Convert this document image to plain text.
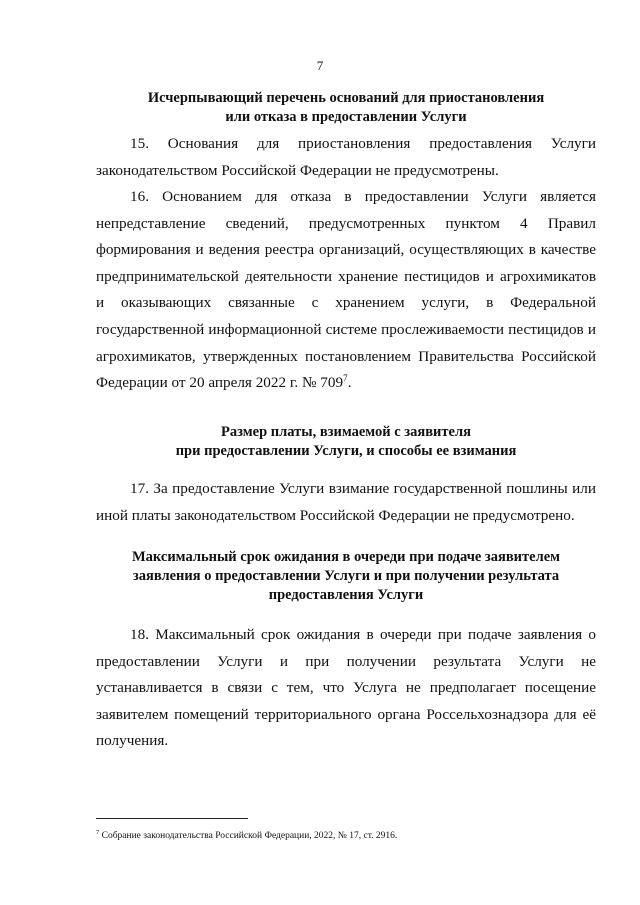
7
Исчерпывающий перечень оснований для приостановления
или отказа в предоставлении Услуги

15. Основания для приостановления предоставления Услуги законодательством Российской Федерации не предусмотрены.

16. Основанием для отказа в предоставлении Услуги является непредставление сведений, предусмотренных пунктом 4 Правил формирования и ведения реестра организаций, осуществляющих в качестве предпринимательской деятельности хранение пестицидов и агрохимикатов и оказывающих связанные с хранением услуги, в Федеральной государственной информационной системе прослеживаемости пестицидов и агрохимикатов, утвержденных постановлением Правительства Российской Федерации от 20 апреля 2022 г. № $709^7$.

Размер платы, взимаемой с заявителя
при предоставлении Услуги, и способы ее взимания

17. За предоставление Услуги взимание государственной пошлины или иной платы законодательством Российской Федерации не предусмотрено.

Максимальный срок ожидания в очереди при подаче заявителем
заявления о предоставлении Услуги и при получении результата
предоставления Услуги

18. Максимальный срок ожидания в очереди при подаче заявления о предоставлении Услуги и при получении результата Услуги не устанавливается в связи с тем, что Услуга не предполагает посещение заявителем помещений территориального органа Россельхознадзора для её получения.

$^7$ Собрание законодательства Российской Федерации, 2022, № 17, ст. 2916.
